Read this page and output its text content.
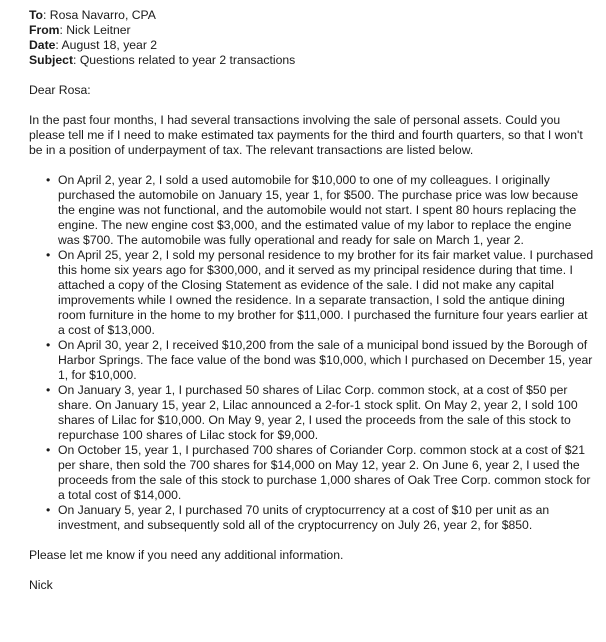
To: Rosa Navarro, CPA
From: Nick Leitner
Date: August 18, year 2
Subject: Questions related to year 2 transactions
Dear Rosa:
In the past four months, I had several transactions involving the sale of personal assets. Could you please tell me if I need to make estimated tax payments for the third and fourth quarters, so that I won't be in a position of underpayment of tax. The relevant transactions are listed below.
• On April 2, year 2, I sold a used automobile for $10,000 to one of my colleagues. I originally purchased the automobile on January 15, year 1, for $500. The purchase price was low because the engine was not functional, and the automobile would not start. I spent 80 hours replacing the engine. The new engine cost $3,000, and the estimated value of my labor to replace the engine was $700. The automobile was fully operational and ready for sale on March 1, year 2.
• On April 25, year 2, I sold my personal residence to my brother for its fair market value. I purchased this home six years ago for $300,000, and it served as my principal residence during that time. I attached a copy of the Closing Statement as evidence of the sale. I did not make any capital improvements while I owned the residence. In a separate transaction, I sold the antique dining room furniture in the home to my brother for $11,000. I purchased the furniture four years earlier at a cost of $13,000.
• On April 30, year 2, I received $10,200 from the sale of a municipal bond issued by the Borough of Harbor Springs. The face value of the bond was $10,000, which I purchased on December 15, year 1, for $10,000.
• On January 3, year 1, I purchased 50 shares of Lilac Corp. common stock, at a cost of $50 per share. On January 15, year 2, Lilac announced a 2-for-1 stock split. On May 2, year 2, I sold 100 shares of Lilac for $10,000. On May 9, year 2, I used the proceeds from the sale of this stock to repurchase 100 shares of Lilac stock for $9,000.
• On October 15, year 1, I purchased 700 shares of Coriander Corp. common stock at a cost of $21 per share, then sold the 700 shares for $14,000 on May 12, year 2. On June 6, year 2, I used the proceeds from the sale of this stock to purchase 1,000 shares of Oak Tree Corp. common stock for a total cost of $14,000.
• On January 5, year 2, I purchased 70 units of cryptocurrency at a cost of $10 per unit as an investment, and subsequently sold all of the cryptocurrency on July 26, year 2, for $850.
Please let me know if you need any additional information.
Nick
